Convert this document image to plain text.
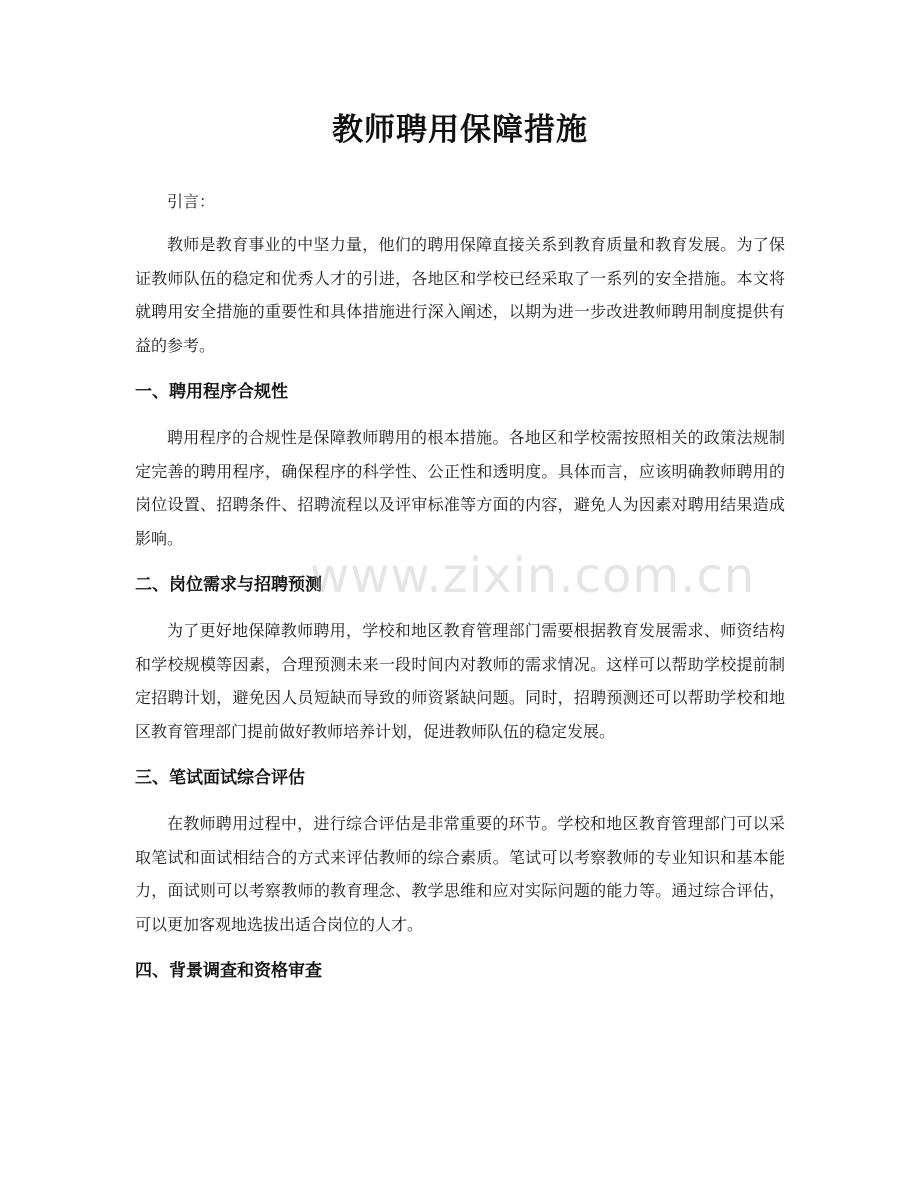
教师聘用保障措施

引言：

教师是教育事业的中坚力量，他们的聘用保障直接关系到教育质量和教育发展。为了保证教师队伍的稳定和优秀人才的引进，各地区和学校已经采取了一系列的安全措施。本文将就聘用安全措施的重要性和具体措施进行深入阐述，以期为进一步改进教师聘用制度提供有益的参考。

一、聘用程序合规性

聘用程序的合规性是保障教师聘用的根本措施。各地区和学校需按照相关的政策法规制定完善的聘用程序，确保程序的科学性、公正性和透明度。具体而言，应该明确教师聘用的岗位设置、招聘条件、招聘流程以及评审标准等方面的内容，避免人为因素对聘用结果造成影响。

二、岗位需求与招聘预测

为了更好地保障教师聘用，学校和地区教育管理部门需要根据教育发展需求、师资结构和学校规模等因素，合理预测未来一段时间内对教师的需求情况。这样可以帮助学校提前制定招聘计划，避免因人员短缺而导致的师资紧缺问题。同时，招聘预测还可以帮助学校和地区教育管理部门提前做好教师培养计划，促进教师队伍的稳定发展。

三、笔试面试综合评估

在教师聘用过程中，进行综合评估是非常重要的环节。学校和地区教育管理部门可以采取笔试和面试相结合的方式来评估教师的综合素质。笔试可以考察教师的专业知识和基本能力，面试则可以考察教师的教育理念、教学思维和应对实际问题的能力等。通过综合评估，可以更加客观地选拔出适合岗位的人才。

四、背景调查和资格审查
www.zixin.com.cn
